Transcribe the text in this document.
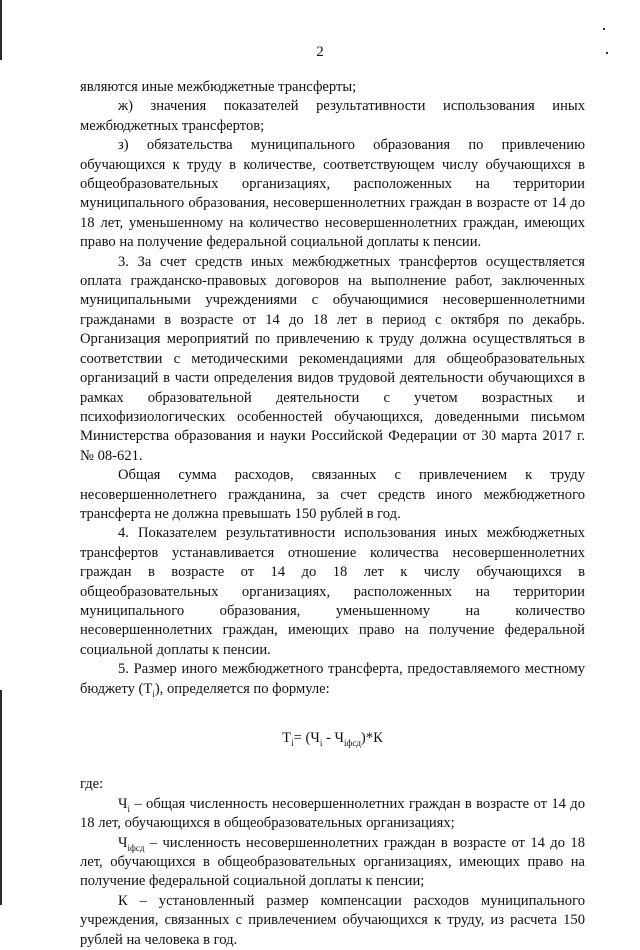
2

являются иные межбюджетные трансферты;

ж) значения показателей результативности использования иных межбюджетных трансфертов;

з) обязательства муниципального образования по привлечению обучающихся к труду в количестве, соответствующем числу обучающихся в общеобразовательных организациях, расположенных на территории муниципального образования, несовершеннолетних граждан в возрасте от 14 до 18 лет, уменьшенному на количество несовершеннолетних граждан, имеющих право на получение федеральной социальной доплаты к пенсии.

3. За счет средств иных межбюджетных трансфертов осуществляется оплата гражданско-правовых договоров на выполнение работ, заключенных муниципальными учреждениями с обучающимися несовершеннолетними гражданами в возрасте от 14 до 18 лет в период с октября по декабрь. Организация мероприятий по привлечению к труду должна осуществляться в соответствии с методическими рекомендациями для общеобразовательных организаций в части определения видов трудовой деятельности обучающихся в рамках образовательной деятельности с учетом возрастных и психофизиологических особенностей обучающихся, доведенными письмом Министерства образования и науки Российской Федерации от 30 марта 2017 г. № 08-621.

Общая сумма расходов, связанных с привлечением к труду несовершеннолетнего гражданина, за счет средств иного межбюджетного трансферта не должна превышать 150 рублей в год.

4. Показателем результативности использования иных межбюджетных трансфертов устанавливается отношение количества несовершеннолетних граждан в возрасте от 14 до 18 лет к числу обучающихся в общеобразовательных организациях, расположенных на территории муниципального образования, уменьшенному на количество несовершеннолетних граждан, имеющих право на получение федеральной социальной доплаты к пенсии.

5. Размер иного межбюджетного трансферта, предоставляемого местному бюджету $(T_i)$, определяется по формуле:

$T_i= (Ч_i - Ч_{iфсд})*К$

где:

$Ч_i$ – общая численность несовершеннолетних граждан в возрасте от 14 до 18 лет, обучающихся в общеобразовательных организациях;

$Ч_{iфсд}$ – численность несовершеннолетних граждан в возрасте от 14 до 18 лет, обучающихся в общеобразовательных организациях, имеющих право на получение федеральной социальной доплаты к пенсии;

К – установленный размер компенсации расходов муниципального учреждения, связанных с привлечением обучающихся к труду, из расчета 150 рублей на человека в год.
